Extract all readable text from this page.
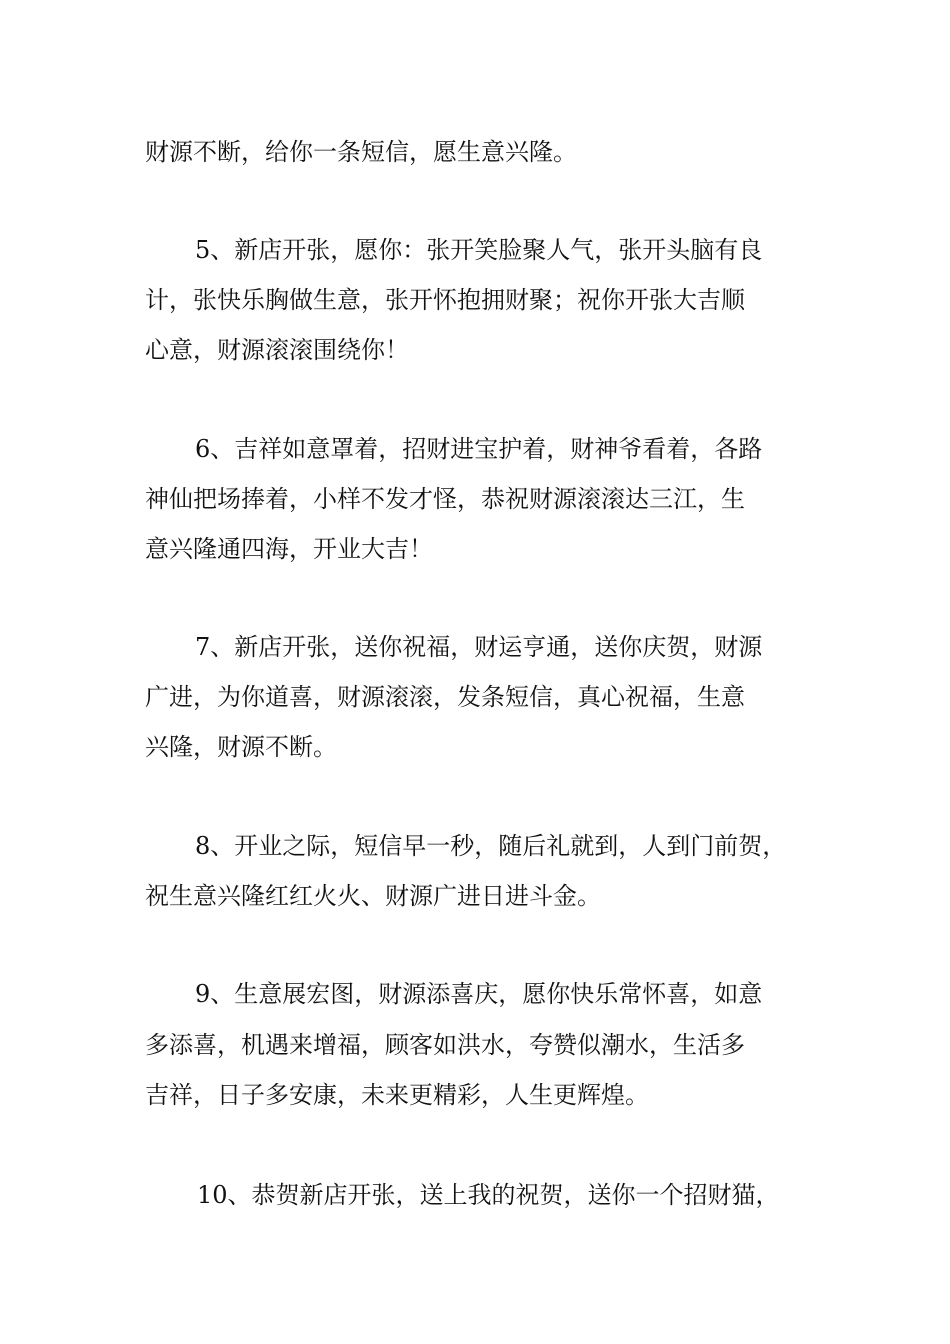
财源不断，给你一条短信，愿生意兴隆。
5、新店开张，愿你：张开笑脸聚人气，张开头脑有良
计，张快乐胸做生意，张开怀抱拥财聚；祝你开张大吉顺
心意，财源滚滚围绕你！
6、吉祥如意罩着，招财进宝护着，财神爷看着，各路
神仙把场捧着，小样不发才怪，恭祝财源滚滚达三江，生
意兴隆通四海，开业大吉！
7、新店开张，送你祝福，财运亨通，送你庆贺，财源
广进，为你道喜，财源滚滚，发条短信，真心祝福，生意
兴隆，财源不断。
8、开业之际，短信早一秒，随后礼就到，人到门前贺，
祝生意兴隆红红火火、财源广进日进斗金。
9、生意展宏图，财源添喜庆，愿你快乐常怀喜，如意
多添喜，机遇来增福，顾客如洪水，夸赞似潮水，生活多
吉祥，日子多安康，未来更精彩，人生更辉煌。
10、恭贺新店开张，送上我的祝贺，送你一个招财猫，
